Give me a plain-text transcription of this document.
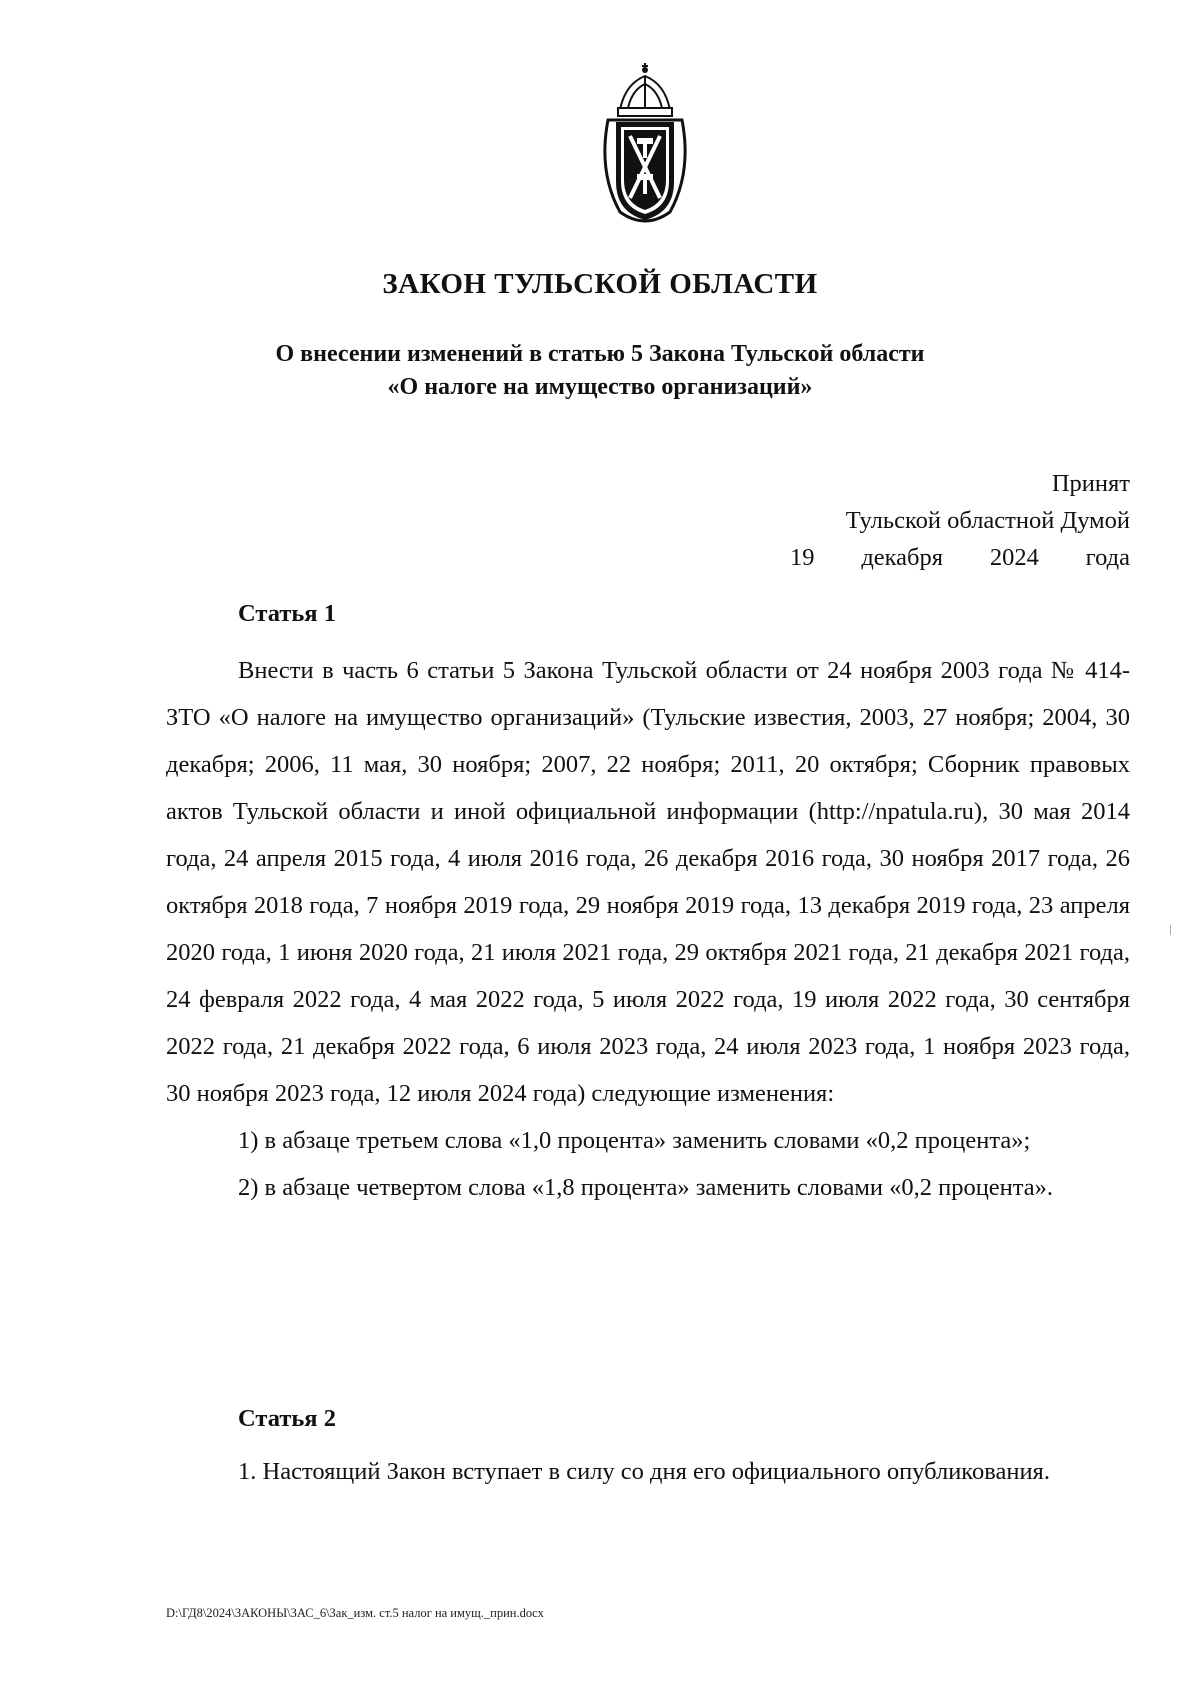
ЗАКОН ТУЛЬСКОЙ ОБЛАСТИ
О внесении изменений в статью 5 Закона Тульской области
«О налоге на имущество организаций»
Принят
Тульской областной Думой
19 декабря 2024 года
Статья 1

Внести в часть 6 статьи 5 Закона Тульской области от 24 ноября 2003 года № 414-ЗТО «О налоге на имущество организаций» (Тульские известия, 2003, 27 ноября; 2004, 30 декабря; 2006, 11 мая, 30 ноября; 2007, 22 ноября; 2011, 20 октября; Сборник правовых актов Тульской области и иной официальной информации (http://npatula.ru), 30 мая 2014 года, 24 апреля 2015 года, 4 июля 2016 года, 26 декабря 2016 года, 30 ноября 2017 года, 26 октября 2018 года, 7 ноября 2019 года, 29 ноября 2019 года, 13 декабря 2019 года, 23 апреля 2020 года, 1 июня 2020 года, 21 июля 2021 года, 29 октября 2021 года, 21 декабря 2021 года, 24 февраля 2022 года, 4 мая 2022 года, 5 июля 2022 года, 19 июля 2022 года, 30 сентября 2022 года, 21 декабря 2022 года, 6 июля 2023 года, 24 июля 2023 года, 1 ноября 2023 года, 30 ноября 2023 года, 12 июля 2024 года) следующие изменения:

1) в абзаце третьем слова «1,0 процента» заменить словами «0,2 процента»;

2) в абзаце четвертом слова «1,8 процента» заменить словами «0,2 процента».

Статья 2

1. Настоящий Закон вступает в силу со дня его официального опубликования.

D:\ГД8\2024\ЗАКОНЫ\ЗАС_6\Зак_изм. ст.5 налог на имущ._прин.docx
